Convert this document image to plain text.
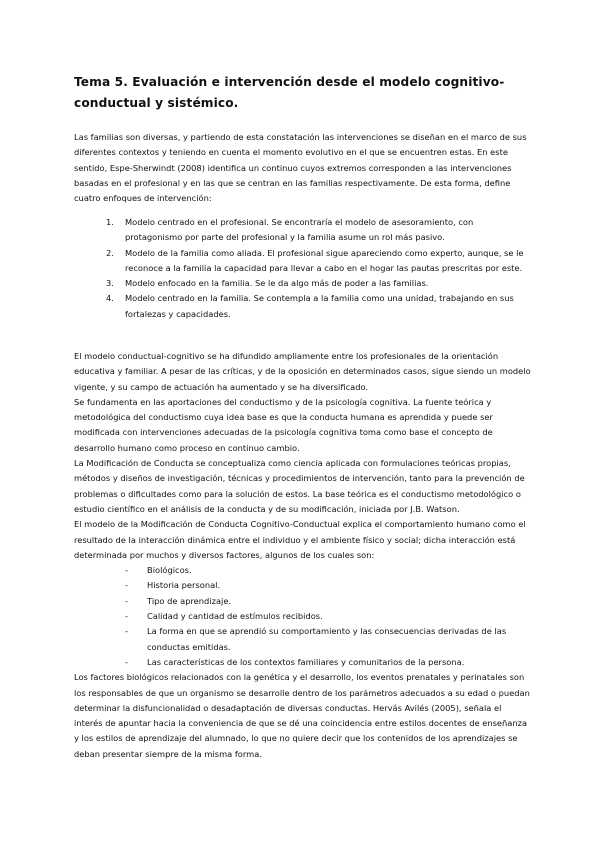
Tema 5. Evaluación e intervención desde el modelo cognitivo-conductual y sistémico.
Las familias son diversas, y partiendo de esta constatación las intervenciones se diseñan en el marco de sus diferentes contextos y teniendo en cuenta el momento evolutivo en el que se encuentren estas. En este sentido, Espe-Sherwindt (2008) identifica un continuo cuyos extremos corresponden a las intervenciones basadas en el profesional y en las que se centran en las familias respectivamente. De esta forma, define cuatro enfoques de intervención:
1. Modelo centrado en el profesional. Se encontraría el modelo de asesoramiento, con protagonismo por parte del profesional y la familia asume un rol más pasivo.
2. Modelo de la familia como aliada. El profesional sigue apareciendo como experto, aunque, se le reconoce a la familia la capacidad para llevar a cabo en el hogar las pautas prescritas por este.
3. Modelo enfocado en la familia. Se le da algo más de poder a las familias.
4. Modelo centrado en la familia. Se contempla a la familia como una unidad, trabajando en sus fortalezas y capacidades.

El modelo conductual-cognitivo se ha difundido ampliamente entre los profesionales de la orientación educativa y familiar. A pesar de las críticas, y de la oposición en determinados casos, sigue siendo un modelo vigente, y su campo de actuación ha aumentado y se ha diversificado.

Se fundamenta en las aportaciones del conductismo y de la psicología cognitiva. La fuente teórica y metodológica del conductismo cuya idea base es que la conducta humana es aprendida y puede ser modificada con intervenciones adecuadas de la psicología cognitiva toma como base el concepto de desarrollo humano como proceso en continuo cambio.

La Modificación de Conducta se conceptualiza como ciencia aplicada con formulaciones teóricas propias, métodos y diseños de investigación, técnicas y procedimientos de intervención, tanto para la prevención de problemas o dificultades como para la solución de estos. La base teórica es el conductismo metodológico o estudio científico en el análisis de la conducta y de su modificación, iniciada por J.B. Watson.

El modelo de la Modificación de Conducta Cognitivo-Conductual explica el comportamiento humano como el resultado de la interacción dinámica entre el individuo y el ambiente físico y social; dicha interacción está determinada por muchos y diversos factores, algunos de los cuales son:

- Biológicos.
- Historia personal.
- Tipo de aprendizaje.
- Calidad y cantidad de estímulos recibidos.
- La forma en que se aprendió su comportamiento y las consecuencias derivadas de las conductas emitidas.
- Las características de los contextos familiares y comunitarios de la persona.

Los factores biológicos relacionados con la genética y el desarrollo, los eventos prenatales y perinatales son los responsables de que un organismo se desarrolle dentro de los parámetros adecuados a su edad o puedan determinar la disfuncionalidad o desadaptación de diversas conductas. Hervás Avilés (2005), señala el interés de apuntar hacia la conveniencia de que se dé una coincidencia entre estilos docentes de enseñanza y los estilos de aprendizaje del alumnado, lo que no quiere decir que los contenidos de los aprendizajes se deban presentar siempre de la misma forma.
